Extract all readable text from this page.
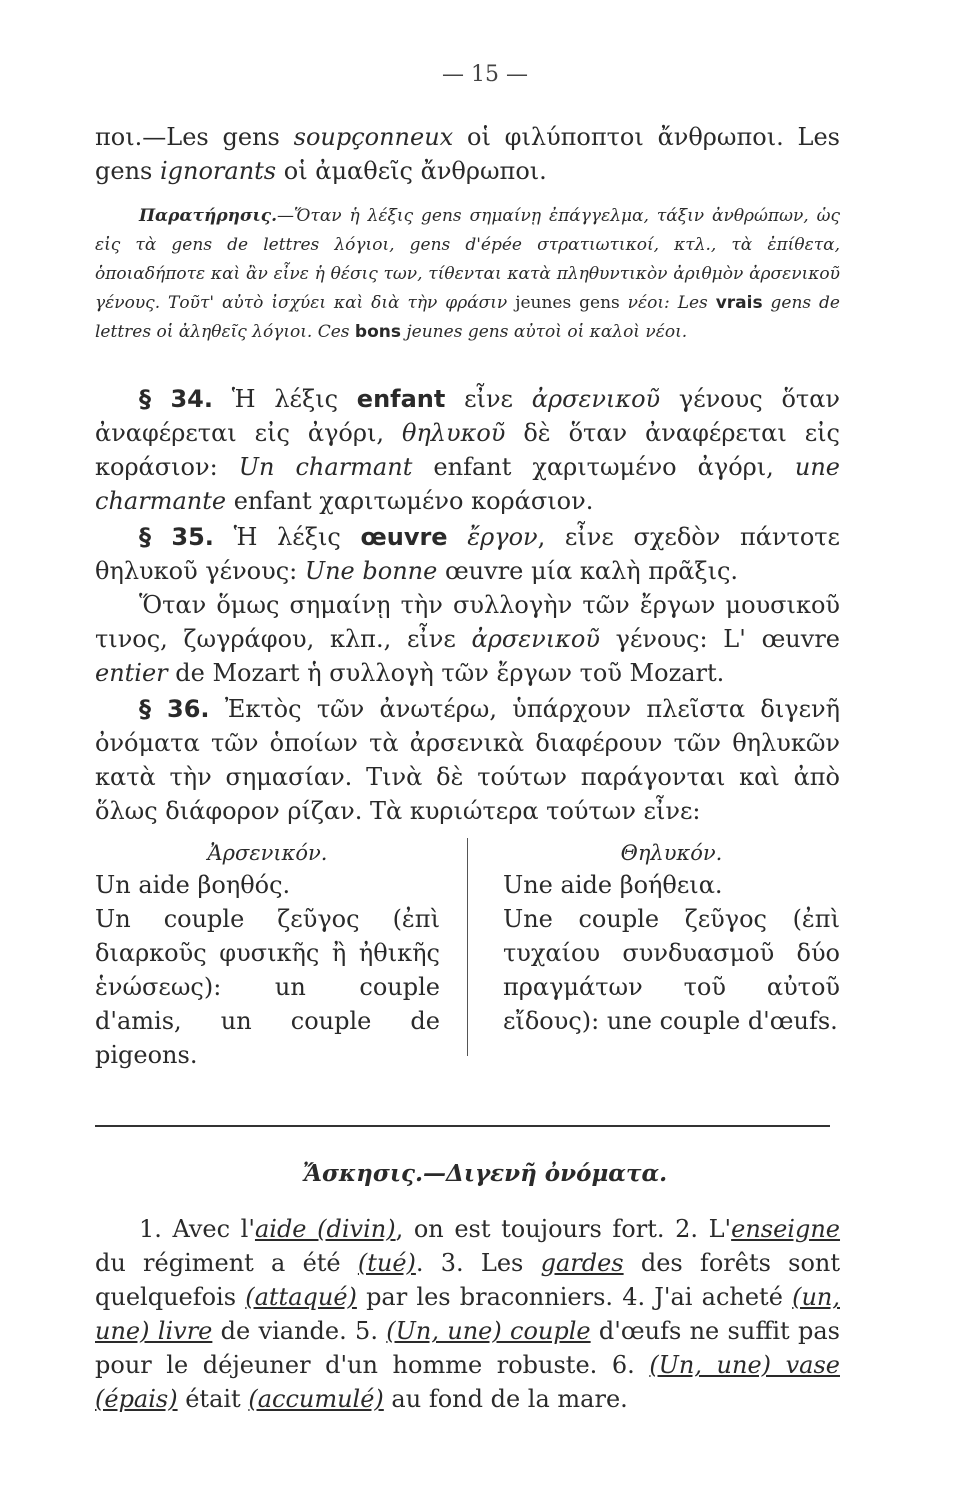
— 15 —

ποι.—Les gens soupçonneux οἱ φιλύποπτοι ἄνθρωποι. Les gens ignorants οἱ ἀμαθεῖς ἄνθρωποι.

Παρατήρησις.—Ὅταν ἡ λέξις gens σημαίνῃ ἐπάγγελμα, τάξιν ἀνθρώπων, ὡς εἰς τὰ gens de lettres λόγιοι, gens d'épée στρατιωτικοί, κτλ., τὰ ἐπίθετα, ὁποιαδήποτε καὶ ἂν εἶνε ἡ θέσις των, τίθενται κατὰ πληθυντικὸν ἀριθμὸν ἀρσενικοῦ γένους. Τοῦτ' αὐτὸ ἰσχύει καὶ διὰ τὴν φράσιν jeunes gens νέοι: Les vrais gens de lettres οἱ ἀληθεῖς λόγιοι. Ces bons jeunes gens αὐτοὶ οἱ καλοὶ νέοι.

§ 34. Ἡ λέξις enfant εἶνε ἀρσενικοῦ γένους ὅταν ἀναφέρεται εἰς ἀγόρι, θηλυκοῦ δὲ ὅταν ἀναφέρεται εἰς κοράσιον: Un charmant enfant χαριτωμένο ἀγόρι, une charmante enfant χαριτωμένο κοράσιον.

§ 35. Ἡ λέξις œuvre ἔργον, εἶνε σχεδὸν πάντοτε θηλυκοῦ γένους: Une bonne œuvre μία καλὴ πρᾶξις.

Ὅταν ὅμως σημαίνῃ τὴν συλλογὴν τῶν ἔργων μουσικοῦ τινος, ζωγράφου, κλπ., εἶνε ἀρσενικοῦ γένους: L' œuvre entier de Mozart ἡ συλλογὴ τῶν ἔργων τοῦ Mozart.

§ 36. Ἐκτὸς τῶν ἀνωτέρω, ὑπάρχουν πλεῖστα διγενῆ ὀνόματα τῶν ὁποίων τὰ ἀρσενικὰ διαφέρουν τῶν θηλυκῶν κατὰ τὴν σημασίαν. Τινὰ δὲ τούτων παράγονται καὶ ἀπὸ ὅλως διάφορον ρίζαν. Τὰ κυριώτερα τούτων εἶνε:

Ἀρσενικόν.

Un aide βοηθός.

Un couple ζεῦγος (ἐπὶ διαρκοῦς φυσικῆς ἢ ἠθικῆς ἑνώσεως): un couple d'amis, un couple de pigeons.

Θηλυκόν.

Une aide βοήθεια.

Une couple ζεῦγος (ἐπὶ τυχαίου συνδυασμοῦ δύο πραγμάτων τοῦ αὐτοῦ εἴδους): une couple d'œufs.

Ἄσκησις.—Διγενῆ ὀνόματα.

1. Avec l'aide (divin), on est toujours fort. 2. L'enseigne du régiment a été (tué). 3. Les gardes des forêts sont quelquefois (attaqué) par les braconniers. 4. J'ai acheté (un, une) livre de viande. 5. (Un, une) couple d'œufs ne suffit pas pour le déjeuner d'un homme robuste. 6. (Un, une) vase (épais) était (accumulé) au fond de la mare.
